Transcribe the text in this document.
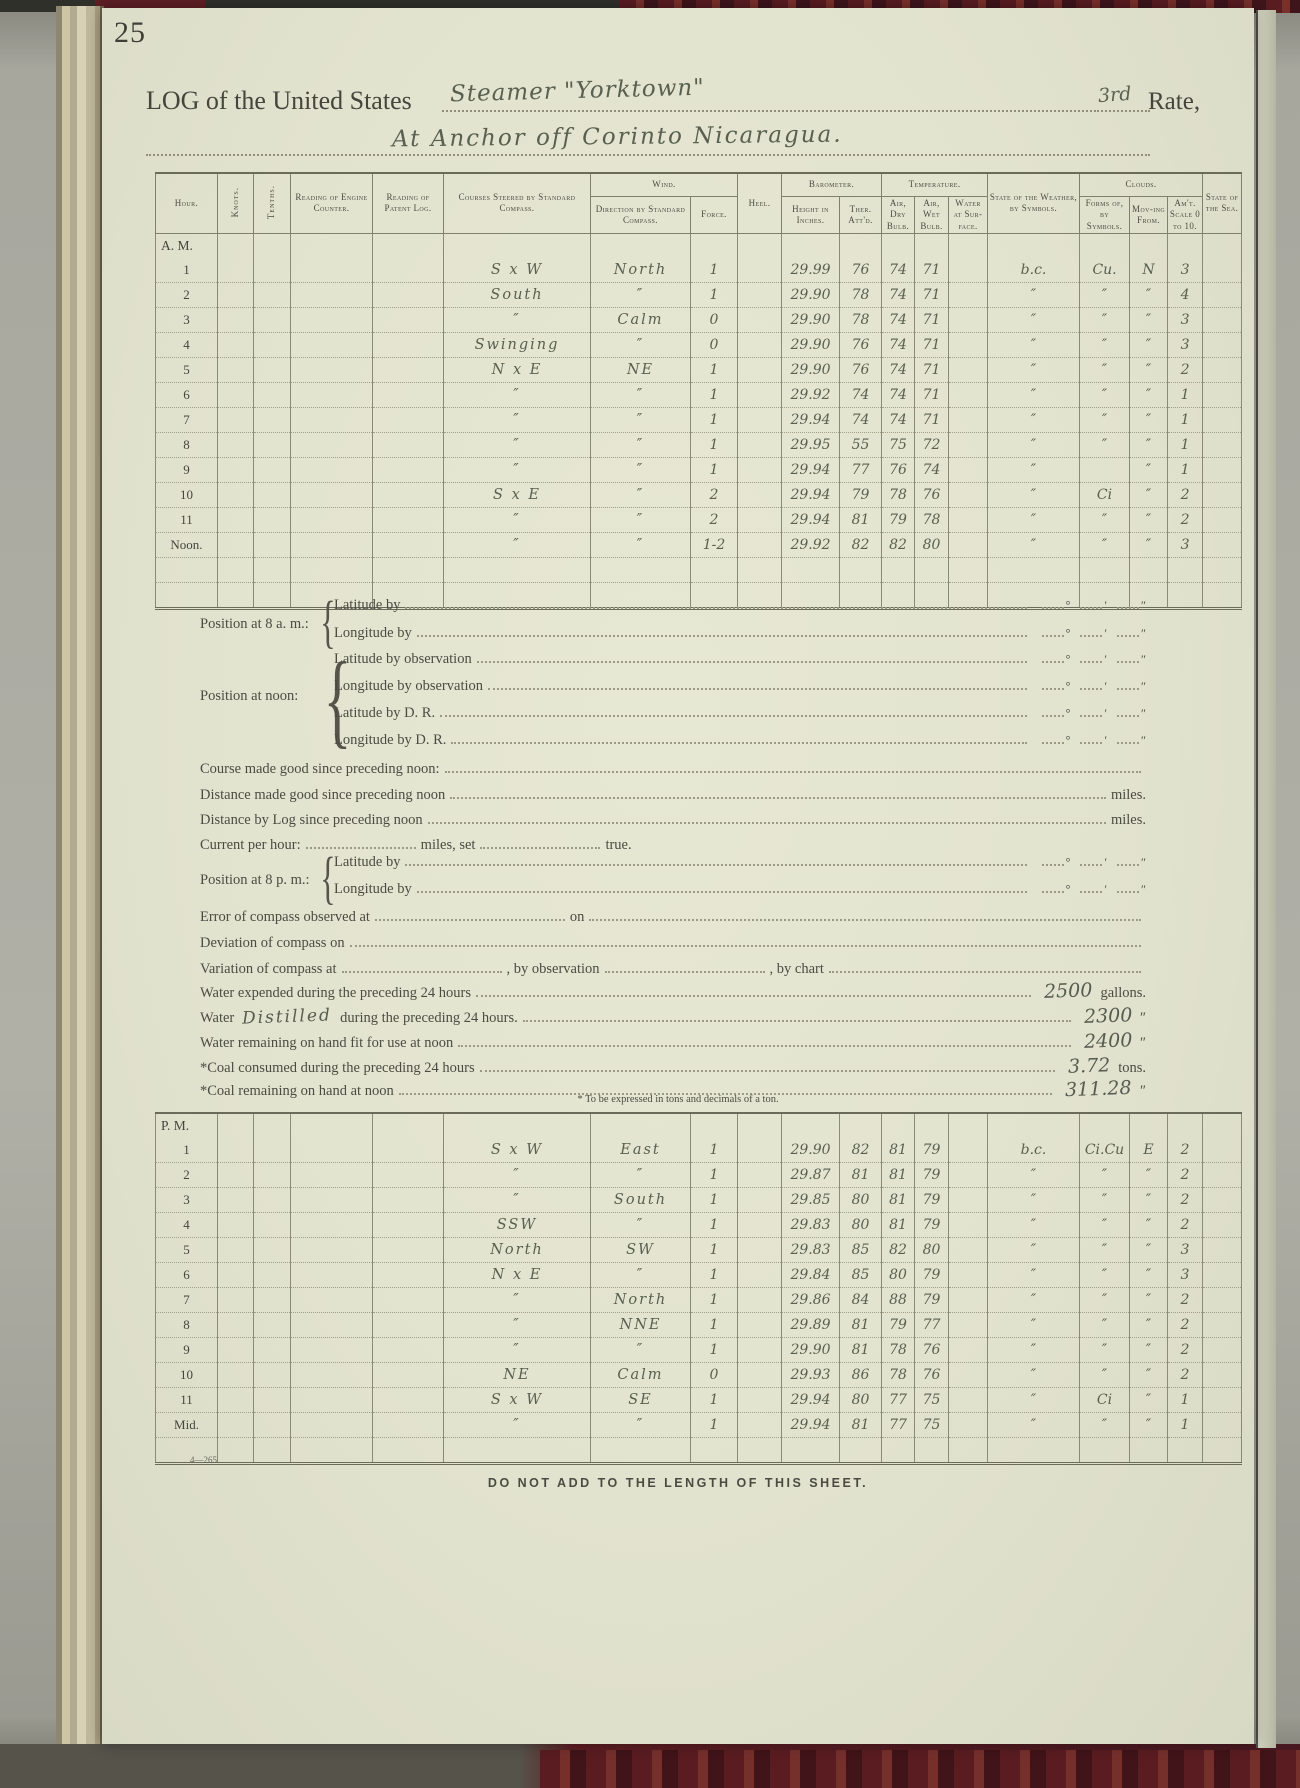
25
LOG of the United States Steamer "Yorktown"	3rd Rate,
At Anchor off Corinto Nicaragua.
Hour.	Knots.	Tenths.	Reading of Engine Counter.	Reading of Patent Log.	Courses Steered by Standard Compass.	Wind.		Heel.	Barometer.		Temperature.			State of the Weather, by Symbols.	Clouds.			State of the Sea.
						Direction by Standard Compass.	Force.		Height in Inches.	Ther. Att'd.	Air, Dry Bulb.	Air, Wet Bulb.	Water at Sur-face.		Forms of, by Symbols.	Mov-ing From.	Am't. Scale 0 to 10.	
A. M.																		
1					S x W	North	1		29.99	76	74	71		b.c.	Cu.	N	3	
2					South	″	1		29.90	78	74	71		″	″	″	4	
3					″	Calm	0		29.90	78	74	71		″	″	″	3	
4					Swinging	″	0		29.90	76	74	71		″	″	″	3	
5					N x E	NE	1		29.90	76	74	71		″	″	″	2	
6					″	″	1		29.92	74	74	71		″	″	″	1	
7					″	″	1		29.94	74	74	71		″	″	″	1	
8					″	″	1		29.95	55	75	72		″	″	″	1	
9					″	″	1		29.94	77	76	74		″		″	1	
10					S x E	″	2		29.94	79	78	76		″	Ci	″	2	
11					″	″	2		29.94	81	79	78		″	″	″	2	
Noon.					″	″	1-2		29.92	82	82	80		″	″	″	3	

Position at 8 a. m.:
{
Latitude by	°	′	″
Longitude by	°	′	″
Position at noon:
{
Latitude by observation	°	′	″
Longitude by observation	°	′	″
Latitude by D. R.	°	′	″
Longitude by D. R.	°	′	″
Course made good since preceding noon:
Distance made good since preceding noon	miles.
Distance by Log since preceding noon	miles.
Current per hour:	miles, set	true.
Position at 8 p. m.:
{
Latitude by	°	′	″
Longitude by	°	′	″
Error of compass observed at	on
Deviation of compass on
Variation of compass at	, by observation	, by chart
Water expended during the preceding 24 hours	2500 gallons.
Water Distilled during the preceding 24 hours.	2300 ″
Water remaining on hand fit for use at noon	2400 ″
*Coal consumed during the preceding 24 hours	3.72 tons.
*Coal remaining on hand at noon	311.28 ″
* To be expressed in tons and decimals of a ton.
P. M.																		
1					S x W	East	1		29.90	82	81	79		b.c.	Ci.Cu	E	2	
2					″	″	1		29.87	81	81	79		″	″	″	2	
3					″	South	1		29.85	80	81	79		″	″	″	2	
4					SSW	″	1		29.83	80	81	79		″	″	″	2	
5					North	SW	1		29.83	85	82	80		″	″	″	3	
6					N x E	″	1		29.84	85	80	79		″	″	″	3	
7					″	North	1		29.86	84	88	79		″	″	″	2	
8					″	NNE	1		29.89	81	79	77		″	″	″	2	
9					″	″	1		29.90	81	78	76		″	″	″	2	
10					NE	Calm	0		29.93	86	78	76		″	″	″	2	
11					S x W	SE	1		29.94	80	77	75		″	Ci	″	1	
Mid.					″	″	1		29.94	81	77	75		″	″	″	1	

4—265
DO NOT ADD TO THE LENGTH OF THIS SHEET.
